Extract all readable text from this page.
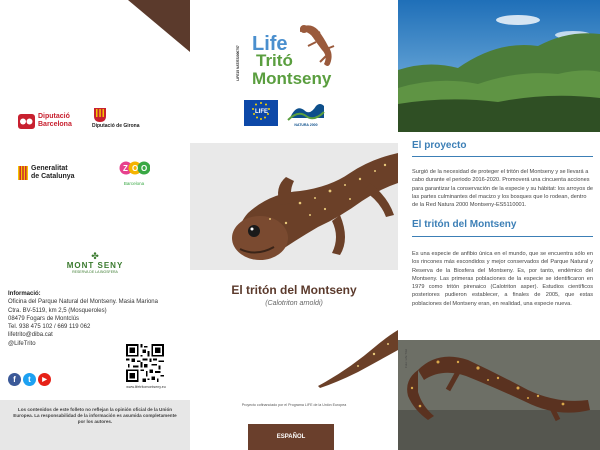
Diputació
Barcelona	Diputació de Girona
Generalitat
de Catalunya
Z O O
Barcelona
✤
MONT SENY
RESERVA DE LA BIOSFERA
Informació:
Oficina del Parque Natural del Montseny. Masia Mariona
Ctra. BV-5119, km 2,5 (Mosqueroles)
08479 Fogars de Montclús
Tel. 938 475 102 / 669 119 062
lifetrito@diba.cat
@LifeTrito
f	t	▶
www.lifetritomontseny.eu
Los contenidos de este folleto no reflejan la opinión oficial de la Unión Europea. La responsabilidad de la información es asumida completamente por los autores.
LIFE15 NAT/ES/000757
Life
Tritó
Montseny
LIFE
NATURA 2000
El tritón del Montseny
(Calotriton arnoldi)
Proyecto cofinanciado por el Programa LIFE de la Unión Europea
ESPAÑOL
El proyecto
Surgió de la necesidad de proteger el tritón del Montseny y se llevará a cabo durante el periodo 2016-2020. Promoverá una cincuenta acciones para garantizar la conservación de la especie y su hábitat: los arroyos de las partes culminantes del macizo y los bosques que lo rodean, dentro de la Red Natura 2000 Montseny-ES5110001.
El tritón del Montseny
Es una especie de anfibio única en el mundo, que se encuentra sólo en los rincones más escondidos y mejor conservados del Parque Natural y Reserva de la Biosfera del Montseny. Es, por tanto, endémico del Montseny. Las primeras poblaciones de la especie se identificaron en 1979 como tritón pirenaico (Calotriton asper). Estudios científicos posteriores pudieron establecer, a finales de 2005, que estas poblaciones del Montseny eran, en realidad, una especie nueva.
Foto: Life Tritó
